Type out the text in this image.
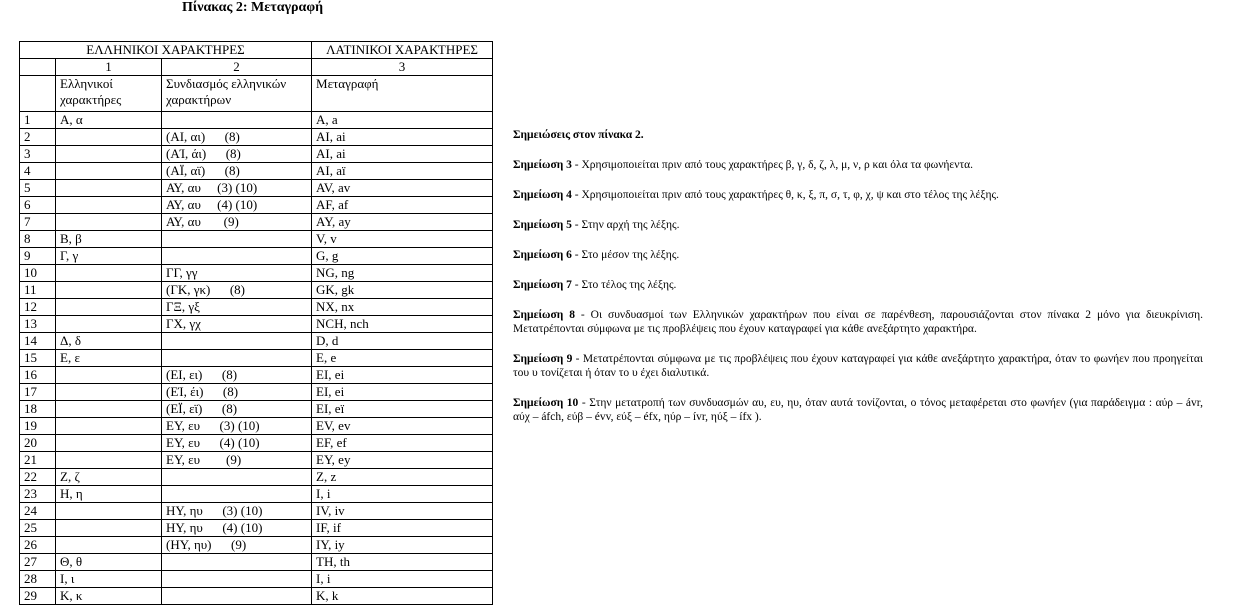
Πίνακας 2: Μεταγραφή
ΕΛΛΗΝΙΚΟΙ ΧΑΡΑΚΤΗΡΕΣ			ΛΑΤΙΝΙΚΟΙ ΧΑΡΑΚΤΗΡΕΣ
	1	2	3
	Ελληνικοί χαρακτήρες	Συνδιασμός ελληνικών χαρακτήρων	Μεταγραφή
1	Α, α		A, a
2		(ΑΙ, αι)      (8)	AI, ai
3		(ΑΊ, άι)      (8)	AI, ai
4		(ΑΪ, αϊ)      (8)	AI, aï
5		ΑΥ, αυ     (3) (10)	AV, av
6		ΑΥ, αυ     (4) (10)	AF, af
7		ΑΥ, αυ       (9)	AY, ay
8	Β, β		V, v
9	Γ, γ		G, g
10		ΓΓ, γγ	NG, ng
11		(ΓΚ, γκ)      (8)	GK, gk
12		ΓΞ, γξ	NX, nx
13		ΓΧ, γχ	NCH, nch
14	Δ, δ		D, d
15	Ε, ε		E, e
16		(ΕΙ, ει)      (8)	EI, ei
17		(ΕΊ, έι)      (8)	EI, ei
18		(ΕΪ, εϊ)      (8)	EI, eï
19		ΕΥ, ευ      (3) (10)	EV, ev
20		ΕΥ, ευ      (4) (10)	EF, ef
21		ΕΥ, ευ        (9)	EY, ey
22	Ζ, ζ		Z, z
23	Η, η		I, i
24		ΗΥ, ηυ      (3) (10)	IV, iv
25		ΗΥ, ηυ      (4) (10)	IF, if
26		(ΗΥ, ηυ)      (9)	IY, iy
27	Θ, θ		TH, th
28	Ι, ι		I, i
29	Κ, κ		K, k

Σημειώσεις στον πίνακα 2.

Σημείωση 3 - Χρησιμοποιείται πριν από τους χαρακτήρες β, γ, δ, ζ, λ, μ, ν, ρ και όλα τα φωνήεντα.

Σημείωση 4 - Χρησιμοποιείται πριν από τους χαρακτήρες θ, κ, ξ, π, σ, τ, φ, χ, ψ και στο τέλος της λέξης.

Σημείωση 5 - Στην αρχή της λέξης.

Σημείωση 6 - Στο μέσον της λέξης.

Σημείωση 7 - Στο τέλος της λέξης.

Σημείωση 8 - Οι συνδυασμοί των Ελληνικών χαρακτήρων που είναι σε παρένθεση, παρουσιάζονται στον πίνακα 2 μόνο για διευκρίνιση. Μετατρέπονται σύμφωνα με τις προβλέψεις που έχουν καταγραφεί για κάθε ανεξάρτητο χαρακτήρα.

Σημείωση 9 - Μετατρέπονται σύμφωνα με τις προβλέψεις που έχουν καταγραφεί για κάθε ανεξάρτητο χαρακτήρα, όταν το φωνήεν που προηγείται του υ τονίζεται ή όταν το υ έχει διαλυτικά.

Σημείωση 10 - Στην μετατροπή των συνδυασμών αυ, ευ, ηυ, όταν αυτά τονίζονται, ο τόνος μεταφέρεται στο φωνήεν (για παράδειγμα : αύρ – ávr, αύχ – áfch, εύβ – évv, εύξ – éfx, ηύρ – ívr, ηύξ – ífx ).
